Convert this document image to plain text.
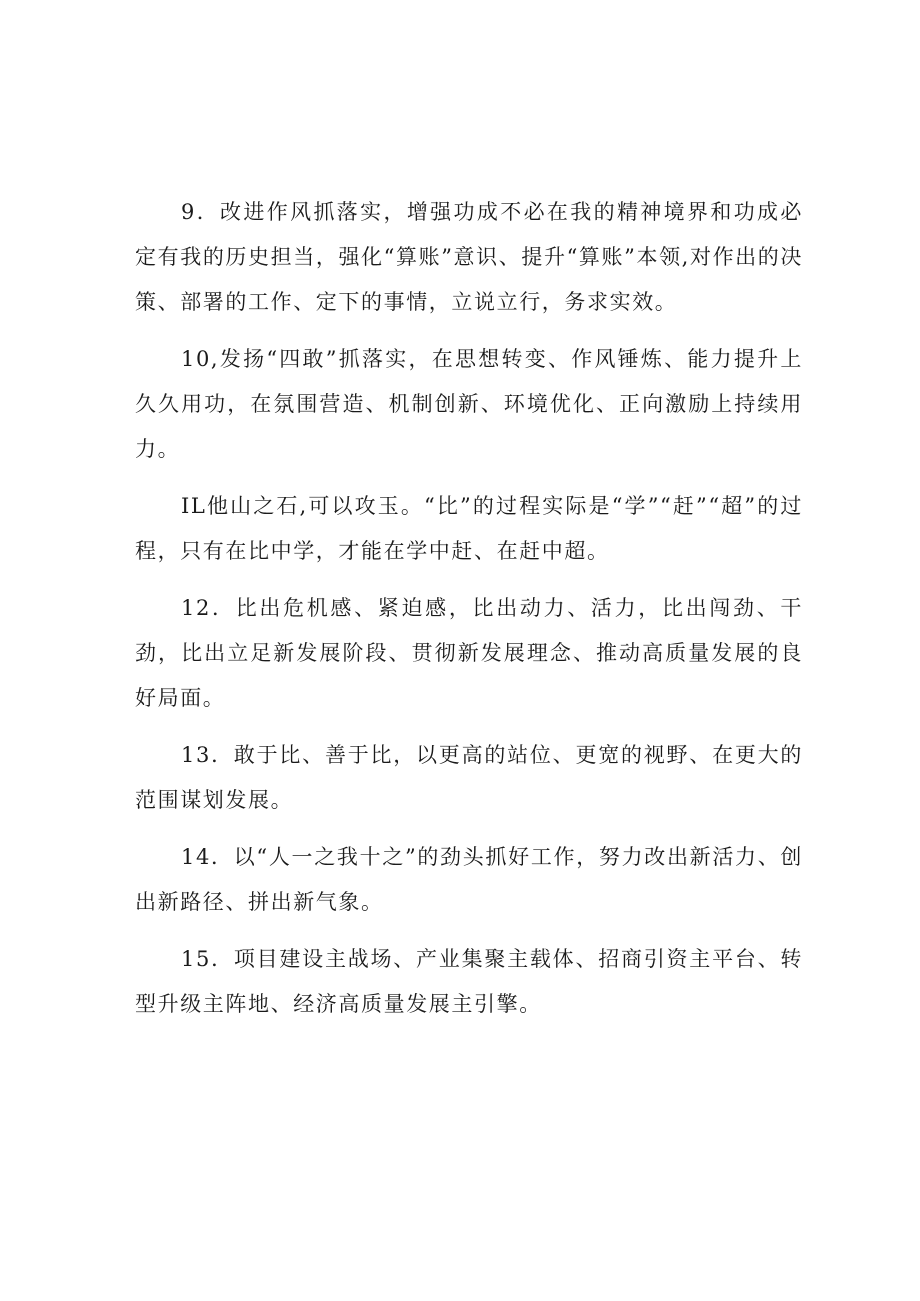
9．改进作风抓落实，增强功成不必在我的精神境界和功成必定有我的历史担当，强化“算账”意识、提升“算账”本领,对作出的决策、部署的工作、定下的事情，立说立行，务求实效。

10,发扬“四敢”抓落实，在思想转变、作风锤炼、能力提升上久久用功，在氛围营造、机制创新、环境优化、正向激励上持续用力。

IL他山之石,可以攻玉。“比”的过程实际是“学”“赶”“超”的过程，只有在比中学，才能在学中赶、在赶中超。

12．比出危机感、紧迫感，比出动力、活力，比出闯劲、干劲，比出立足新发展阶段、贯彻新发展理念、推动高质量发展的良好局面。

13．敢于比、善于比，以更高的站位、更宽的视野、在更大的范围谋划发展。

14．以“人一之我十之”的劲头抓好工作，努力改出新活力、创出新路径、拼出新气象。

15．项目建设主战场、产业集聚主载体、招商引资主平台、转型升级主阵地、经济高质量发展主引擎。
